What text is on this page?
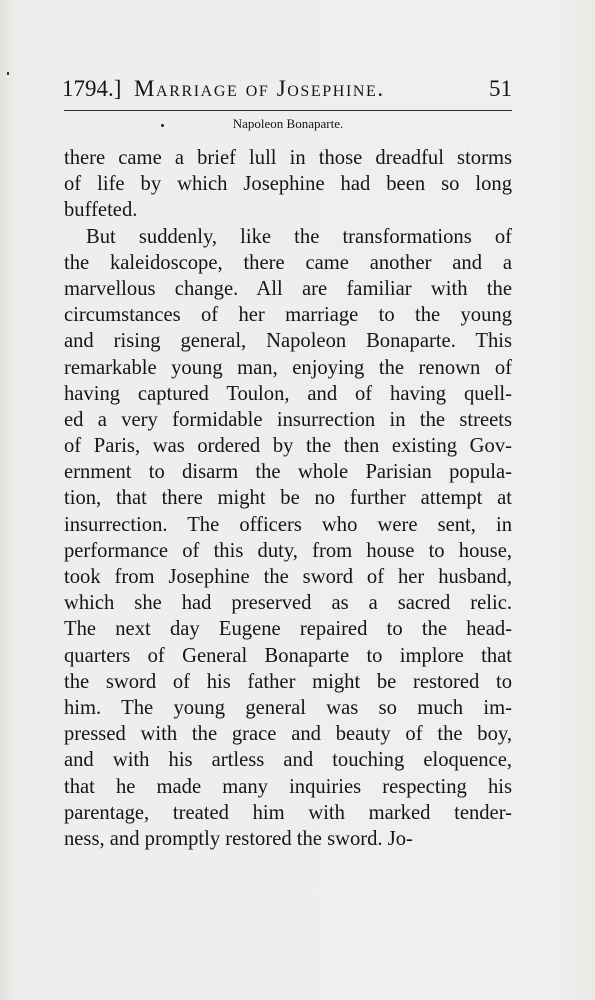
1794.] Marriage of Josephine.	51
Napoleon Bonaparte.
there came a brief lull in those dreadful storms
of life by which Josephine had been so long
buffeted.
But suddenly, like the transformations of
the kaleidoscope, there came another and a
marvellous change. All are familiar with the
circumstances of her marriage to the young
and rising general, Napoleon Bonaparte. This
remarkable young man, enjoying the renown of
having captured Toulon, and of having quell-
ed a very formidable insurrection in the streets
of Paris, was ordered by the then existing Gov-
ernment to disarm the whole Parisian popula-
tion, that there might be no further attempt at
insurrection. The officers who were sent, in
performance of this duty, from house to house,
took from Josephine the sword of her husband,
which she had preserved as a sacred relic.
The next day Eugene repaired to the head-
quarters of General Bonaparte to implore that
the sword of his father might be restored to
him. The young general was so much im-
pressed with the grace and beauty of the boy,
and with his artless and touching eloquence,
that he made many inquiries respecting his
parentage, treated him with marked tender-
ness, and promptly restored the sword. Jo-
